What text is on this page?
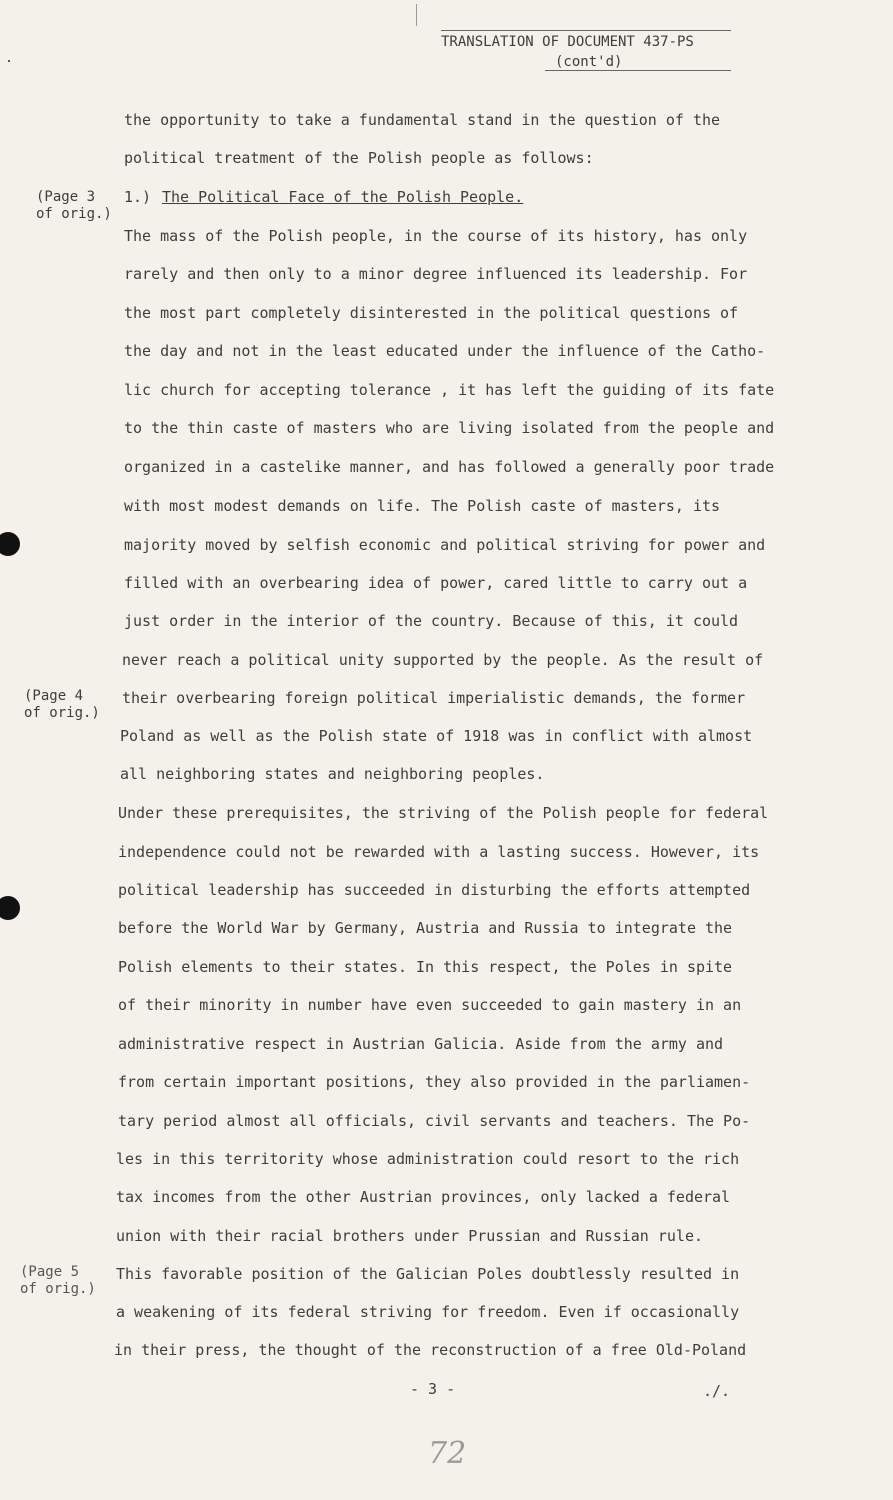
TRANSLATION OF DOCUMENT 437-PS
(cont'd)
the opportunity to take a fundamental stand in the question of the
political treatment of the Polish people as follows:
(Page 3
of orig.)
1.) The Political Face of the Polish People.
The mass of the Polish people, in the course of its history, has only
rarely and then only to a minor degree influenced its leadership. For
the most part completely disinterested in the political questions of
the day and not in the least educated under the influence of the Catho-
lic church for accepting tolerance , it has left the guiding of its fate
to the thin caste of masters who are living isolated from the people and
organized in a castelike manner, and has followed a generally poor trade
with most modest demands on life. The Polish caste of masters, its
majority moved by selfish economic and political striving for power and
filled with an overbearing idea of power, cared little to carry out a
just order in the interior of the country. Because of this, it could
never reach a political unity supported by the people. As the result of
(Page 4
of orig.)
their overbearing foreign political imperialistic demands, the former
Poland as well as the Polish state of 1918 was in conflict with almost
all neighboring states and neighboring peoples.
Under these prerequisites, the striving of the Polish people for federal
independence could not be rewarded with a lasting success. However, its
political leadership has succeeded in disturbing the efforts attempted
before the World War by Germany, Austria and Russia to integrate the
Polish elements to their states. In this respect, the Poles in spite
of their minority in number have even succeeded to gain mastery in an
administrative respect in Austrian Galicia. Aside from the army and
from certain important positions, they also provided in the parliamen-
tary period almost all officials, civil servants and teachers. The Po-
les in this territority whose administration could resort to the rich
tax incomes from the other Austrian provinces, only lacked a federal
union with their racial brothers under Prussian and Russian rule.
(Page 5
of orig.)
This favorable position of the Galician Poles doubtlessly resulted in
a weakening of its federal striving for freedom. Even if occasionally
in their press, the thought of the reconstruction of a free Old-Poland
- 3 -	./.
72
